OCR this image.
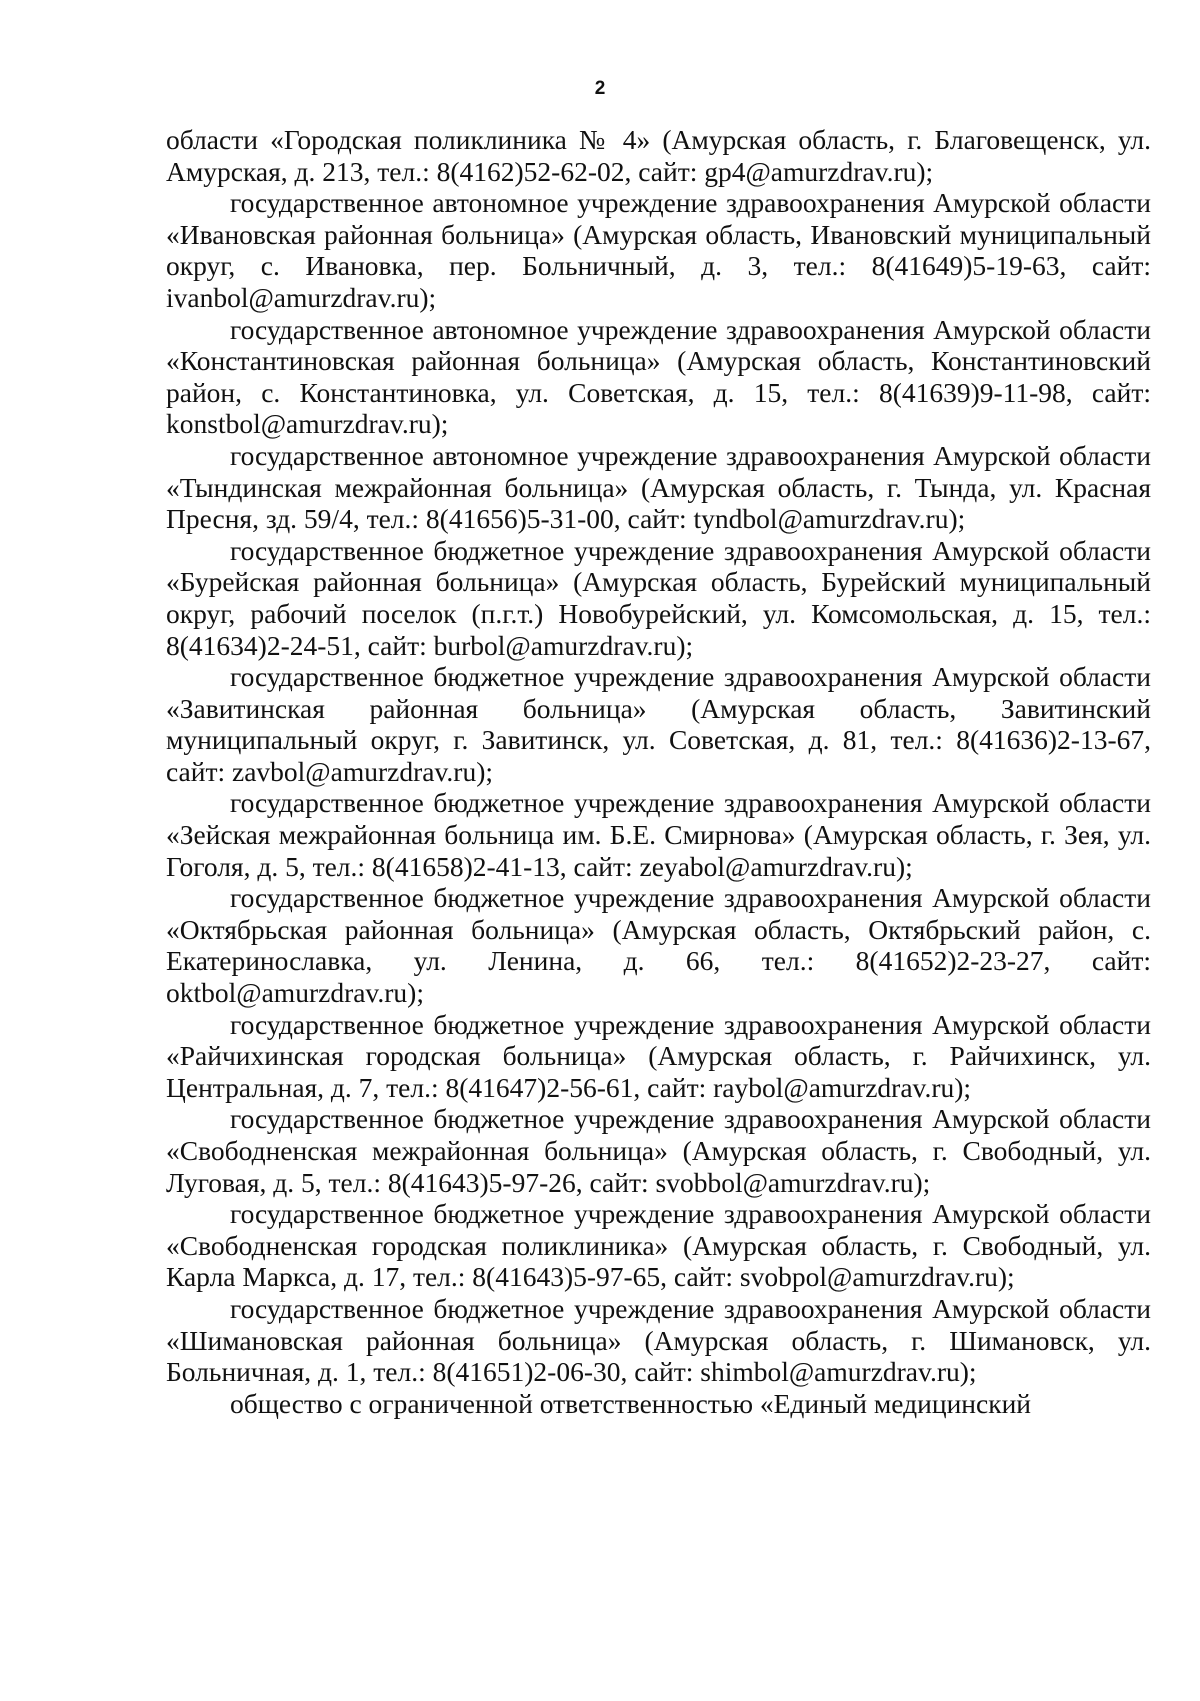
2

области «Городская поликлиника № 4» (Амурская область, г. Благовещенск, ул. Амурская, д. 213, тел.: 8(4162)52-62-02, сайт: gp4@amurzdrav.ru);

государственное автономное учреждение здравоохранения Амурской области «Ивановская районная больница» (Амурская область, Ивановский муниципальный округ, с. Ивановка, пер. Больничный, д. 3, тел.: 8(41649)5-19-63, сайт: ivanbol@amurzdrav.ru);

государственное автономное учреждение здравоохранения Амурской области «Константиновская районная больница» (Амурская область, Константиновский район, с. Константиновка, ул. Советская, д. 15, тел.: 8(41639)9-11-98, сайт: konstbol@amurzdrav.ru);

государственное автономное учреждение здравоохранения Амурской области «Тындинская межрайонная больница» (Амурская область, г. Тында, ул. Красная Пресня, зд. 59/4, тел.: 8(41656)5-31-00, сайт: tyndbol@amurzdrav.ru);

государственное бюджетное учреждение здравоохранения Амурской области «Бурейская районная больница» (Амурская область, Бурейский муниципальный округ, рабочий поселок (п.г.т.) Новобурейский, ул. Комсомольская, д. 15, тел.: 8(41634)2-24-51, сайт: burbol@amurzdrav.ru);

государственное бюджетное учреждение здравоохранения Амурской области «Завитинская районная больница» (Амурская область, Завитинский муниципальный округ, г. Завитинск, ул. Советская, д. 81, тел.: 8(41636)2-13-67, сайт: zavbol@amurzdrav.ru);

государственное бюджетное учреждение здравоохранения Амурской области «Зейская межрайонная больница им. Б.Е. Смирнова» (Амурская область, г. Зея, ул. Гоголя, д. 5, тел.: 8(41658)2-41-13, сайт: zeyabol@amurzdrav.ru);

государственное бюджетное учреждение здравоохранения Амурской области «Октябрьская районная больница» (Амурская область, Октябрьский район, с. Екатеринославка, ул. Ленина, д. 66, тел.: 8(41652)2-23-27, сайт: oktbol@amurzdrav.ru);

государственное бюджетное учреждение здравоохранения Амурской области «Райчихинская городская больница» (Амурская область, г. Райчихинск, ул. Центральная, д. 7, тел.: 8(41647)2-56-61, сайт: raybol@amurzdrav.ru);

государственное бюджетное учреждение здравоохранения Амурской области «Свободненская межрайонная больница» (Амурская область, г. Свободный, ул. Луговая, д. 5, тел.: 8(41643)5-97-26, сайт: svobbol@amurzdrav.ru);

государственное бюджетное учреждение здравоохранения Амурской области «Свободненская городская поликлиника» (Амурская область, г. Свободный, ул. Карла Маркса, д. 17, тел.: 8(41643)5-97-65, сайт: svobpol@amurzdrav.ru);

государственное бюджетное учреждение здравоохранения Амурской области «Шимановская районная больница» (Амурская область, г. Шимановск, ул. Больничная, д. 1, тел.: 8(41651)2-06-30, сайт: shimbol@amurzdrav.ru);

общество с ограниченной ответственностью «Единый медицинский
